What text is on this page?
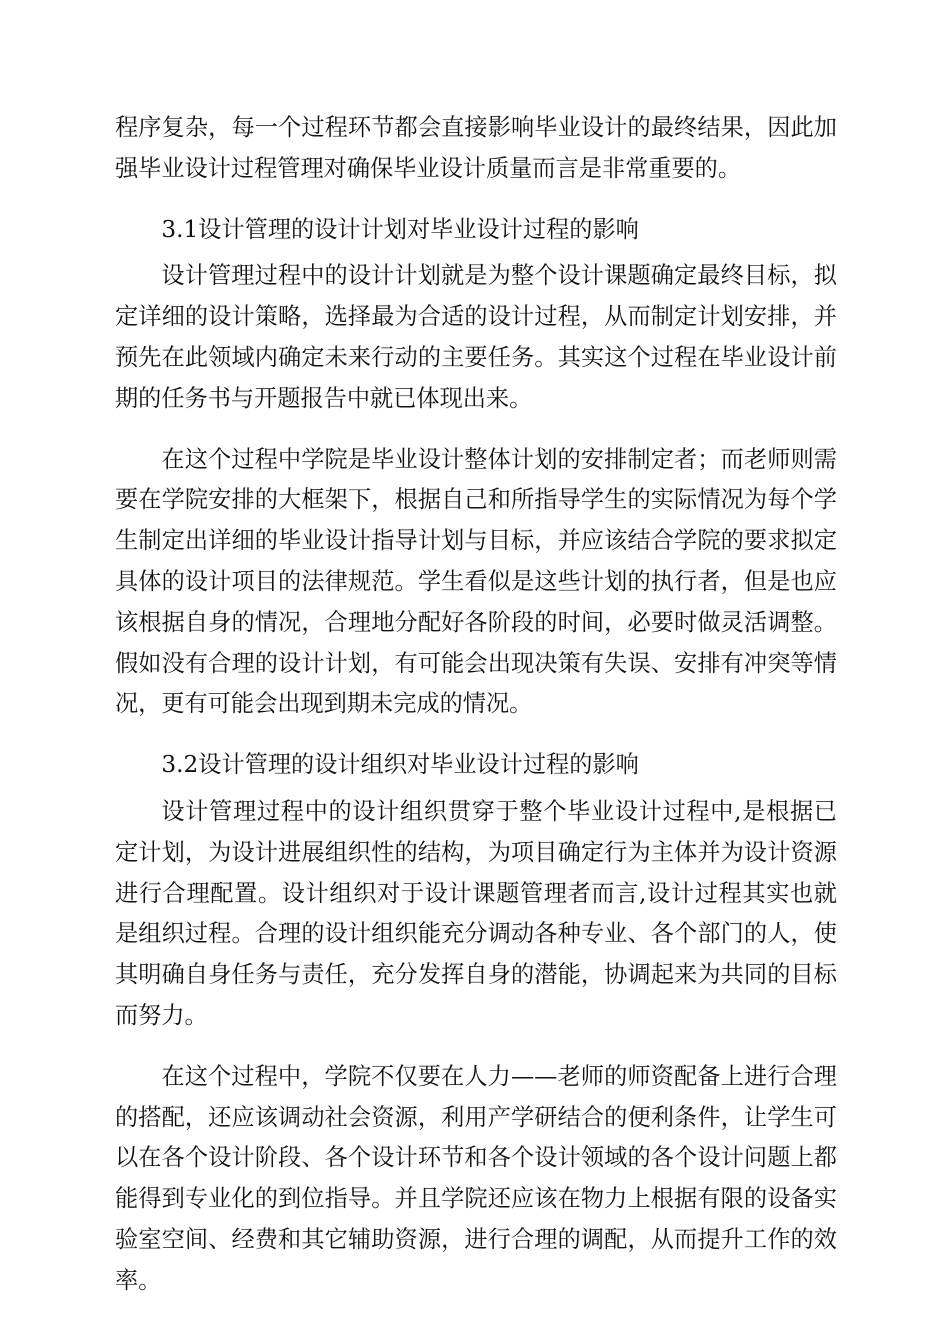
程序复杂，每一个过程环节都会直接影响毕业设计的最终结果，因此加强毕业设计过程管理对确保毕业设计质量而言是非常重要的。

3.1设计管理的设计计划对毕业设计过程的影响

设计管理过程中的设计计划就是为整个设计课题确定最终目标，拟定详细的设计策略，选择最为合适的设计过程，从而制定计划安排，并预先在此领域内确定未来行动的主要任务。其实这个过程在毕业设计前期的任务书与开题报告中就已体现出来。

在这个过程中学院是毕业设计整体计划的安排制定者；而老师则需要在学院安排的大框架下，根据自己和所指导学生的实际情况为每个学生制定出详细的毕业设计指导计划与目标，并应该结合学院的要求拟定具体的设计项目的法律规范。学生看似是这些计划的执行者，但是也应该根据自身的情况，合理地分配好各阶段的时间，必要时做灵活调整。假如没有合理的设计计划，有可能会出现决策有失误、安排有冲突等情况，更有可能会出现到期未完成的情况。

3.2设计管理的设计组织对毕业设计过程的影响

设计管理过程中的设计组织贯穿于整个毕业设计过程中,是根据已定计划，为设计进展组织性的结构，为项目确定行为主体并为设计资源进行合理配置。设计组织对于设计课题管理者而言,设计过程其实也就是组织过程。合理的设计组织能充分调动各种专业、各个部门的人，使其明确自身任务与责任，充分发挥自身的潜能，协调起来为共同的目标而努力。

在这个过程中，学院不仅要在人力——老师的师资配备上进行合理的搭配，还应该调动社会资源，利用产学研结合的便利条件，让学生可以在各个设计阶段、各个设计环节和各个设计领域的各个设计问题上都能得到专业化的到位指导。并且学院还应该在物力上根据有限的设备实验室空间、经费和其它辅助资源，进行合理的调配，从而提升工作的效率。
